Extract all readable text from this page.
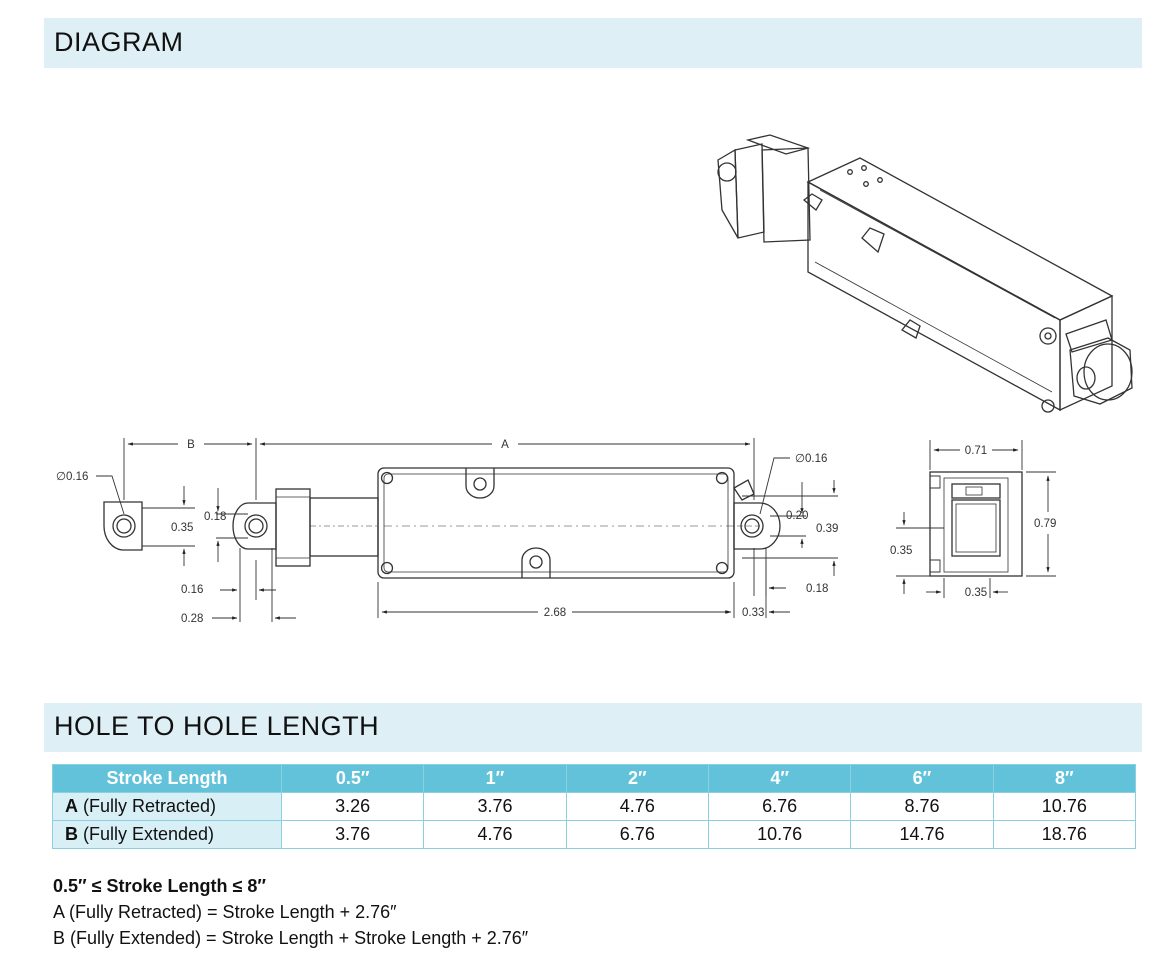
DIAGRAM
B	A
∅0.16
0.35
0.18
0.16
0.28	2.68	0.33
∅0.16
0.20
0.39
0.18
0.71
0.79
0.35
0.35
HOLE TO HOLE LENGTH
Stroke Length	0.5″	1″	2″	4″	6″	8″
A (Fully Retracted)	3.26	3.76	4.76	6.76	8.76	10.76
B (Fully Extended)	3.76	4.76	6.76	10.76	14.76	18.76
0.5″ ≤ Stroke Length ≤ 8″
A (Fully Retracted) = Stroke Length + 2.76″
B (Fully Extended) = Stroke Length + Stroke Length + 2.76″
